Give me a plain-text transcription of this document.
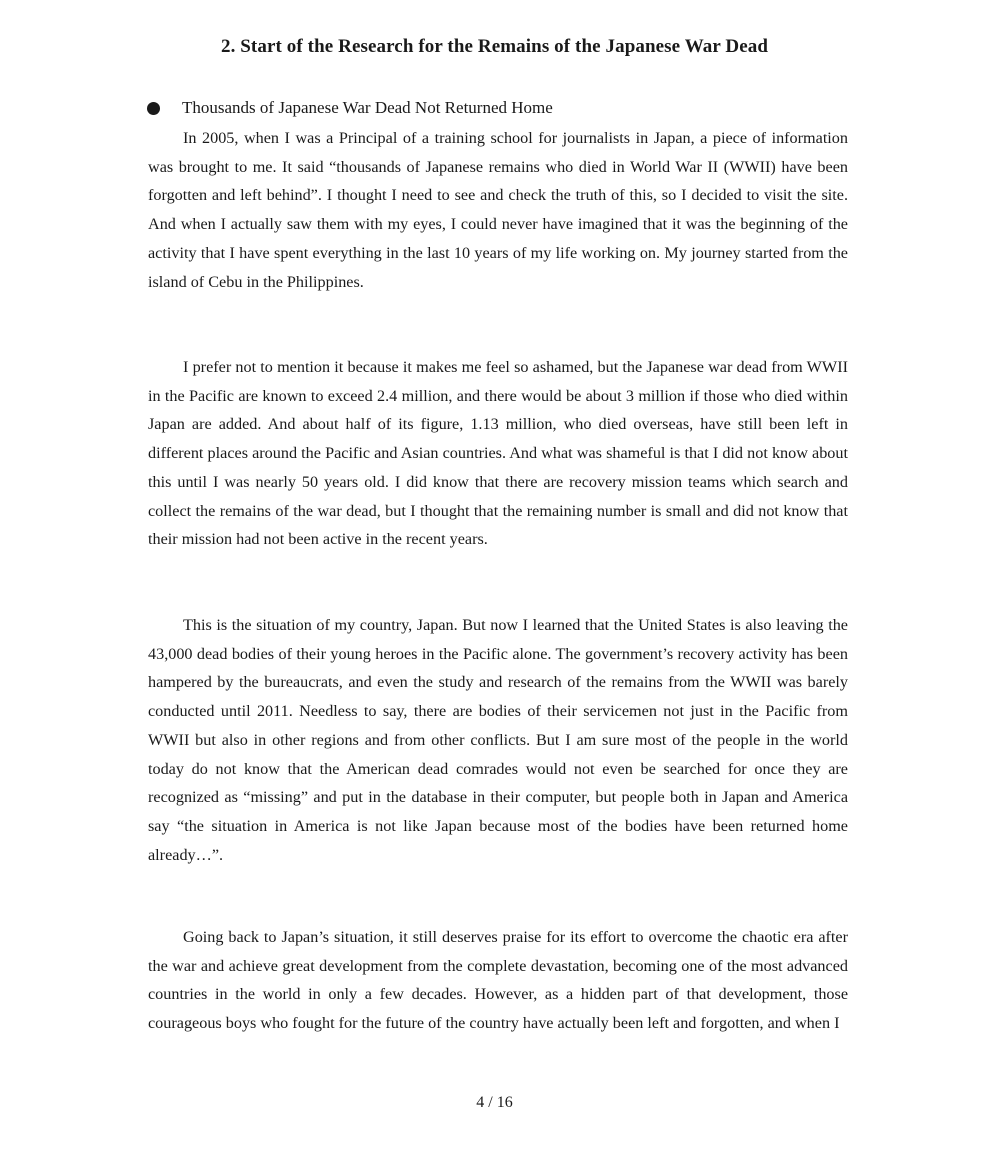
2. Start of the Research for the Remains of the Japanese War Dead
Thousands of Japanese War Dead Not Returned Home

In 2005, when I was a Principal of a training school for journalists in Japan, a piece of information was brought to me. It said “thousands of Japanese remains who died in World War II (WWII) have been forgotten and left behind”. I thought I need to see and check the truth of this, so I decided to visit the site. And when I actually saw them with my eyes, I could never have imagined that it was the beginning of the activity that I have spent everything in the last 10 years of my life working on. My journey started from the island of Cebu in the Philippines.

I prefer not to mention it because it makes me feel so ashamed, but the Japanese war dead from WWII in the Pacific are known to exceed 2.4 million, and there would be about 3 million if those who died within Japan are added. And about half of its figure, 1.13 million, who died overseas, have still been left in different places around the Pacific and Asian countries. And what was shameful is that I did not know about this until I was nearly 50 years old. I did know that there are recovery mission teams which search and collect the remains of the war dead, but I thought that the remaining number is small and did not know that their mission had not been active in the recent years.

This is the situation of my country, Japan. But now I learned that the United States is also leaving the 43,000 dead bodies of their young heroes in the Pacific alone. The government’s recovery activity has been hampered by the bureaucrats, and even the study and research of the remains from the WWII was barely conducted until 2011. Needless to say, there are bodies of their servicemen not just in the Pacific from WWII but also in other regions and from other conflicts. But I am sure most of the people in the world today do not know that the American dead comrades would not even be searched for once they are recognized as “missing” and put in the database in their computer, but people both in Japan and America say “the situation in America is not like Japan because most of the bodies have been returned home already…”.

Going back to Japan’s situation, it still deserves praise for its effort to overcome the chaotic era after the war and achieve great development from the complete devastation, becoming one of the most advanced countries in the world in only a few decades. However, as a hidden part of that development, those courageous boys who fought for the future of the country have actually been left and forgotten, and when I

4 / 16
